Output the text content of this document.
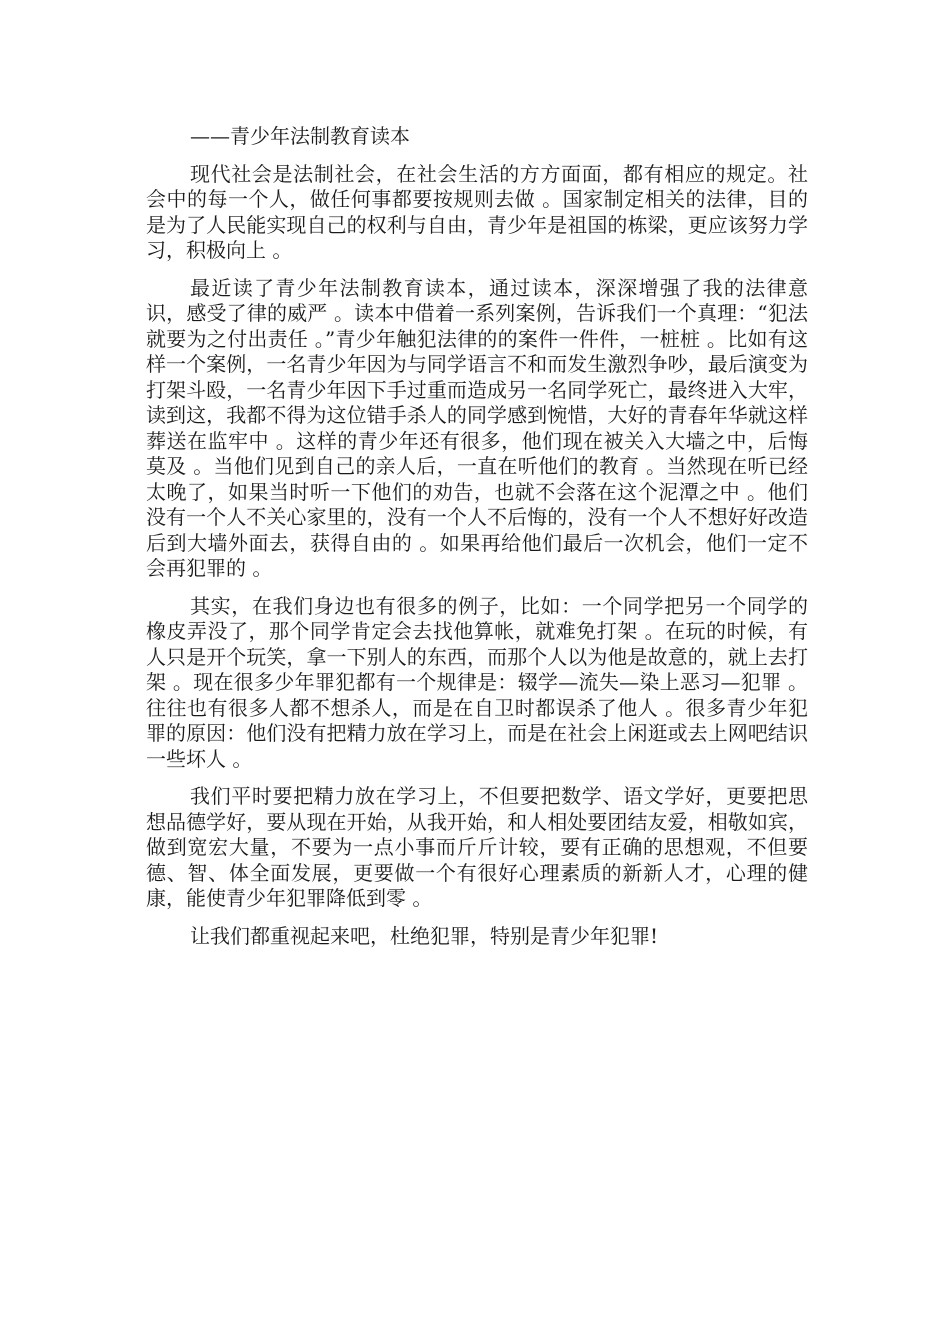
——青少年法制教育读本

现代社会是法制社会，在社会生活的方方面面，都有相应的规定。社会中的每一个人，做任何事都要按规则去做 。国家制定相关的法律，目的是为了人民能实现自己的权利与自由，青少年是祖国的栋梁，更应该努力学习，积极向上 。

最近读了青少年法制教育读本，通过读本，深深增强了我的法律意识，感受了律的威严 。读本中借着一系列案例，告诉我们一个真理：“犯法就要为之付出责任 。”青少年触犯法律的的案件一件件，一桩桩 。比如有这样一个案例，一名青少年因为与同学语言不和而发生激烈争吵，最后演变为打架斗殴，一名青少年因下手过重而造成另一名同学死亡，最终进入大牢，读到这，我都不得为这位错手杀人的同学感到惋惜，大好的青春年华就这样葬送在监牢中 。这样的青少年还有很多，他们现在被关入大墙之中，后悔莫及 。当他们见到自己的亲人后，一直在听他们的教育 。当然现在听已经太晚了，如果当时听一下他们的劝告，也就不会落在这个泥潭之中 。他们没有一个人不关心家里的，没有一个人不后悔的，没有一个人不想好好改造后到大墙外面去，获得自由的 。如果再给他们最后一次机会，他们一定不会再犯罪的 。

其实，在我们身边也有很多的例子，比如：一个同学把另一个同学的橡皮弄没了，那个同学肯定会去找他算帐，就难免打架 。在玩的时候，有人只是开个玩笑，拿一下别人的东西，而那个人以为他是故意的，就上去打架 。现在很多少年罪犯都有一个规律是：辍学—流失—染上恶习—犯罪 。往往也有很多人都不想杀人，而是在自卫时都误杀了他人 。很多青少年犯罪的原因：他们没有把精力放在学习上，而是在社会上闲逛或去上网吧结识一些坏人 。

我们平时要把精力放在学习上，不但要把数学、语文学好，更要把思想品德学好，要从现在开始，从我开始，和人相处要团结友爱，相敬如宾，做到宽宏大量，不要为一点小事而斤斤计较，要有正确的思想观，不但要德、智、体全面发展，更要做一个有很好心理素质的新新人才，心理的健康，能使青少年犯罪降低到零 。

让我们都重视起来吧，杜绝犯罪，特别是青少年犯罪!
